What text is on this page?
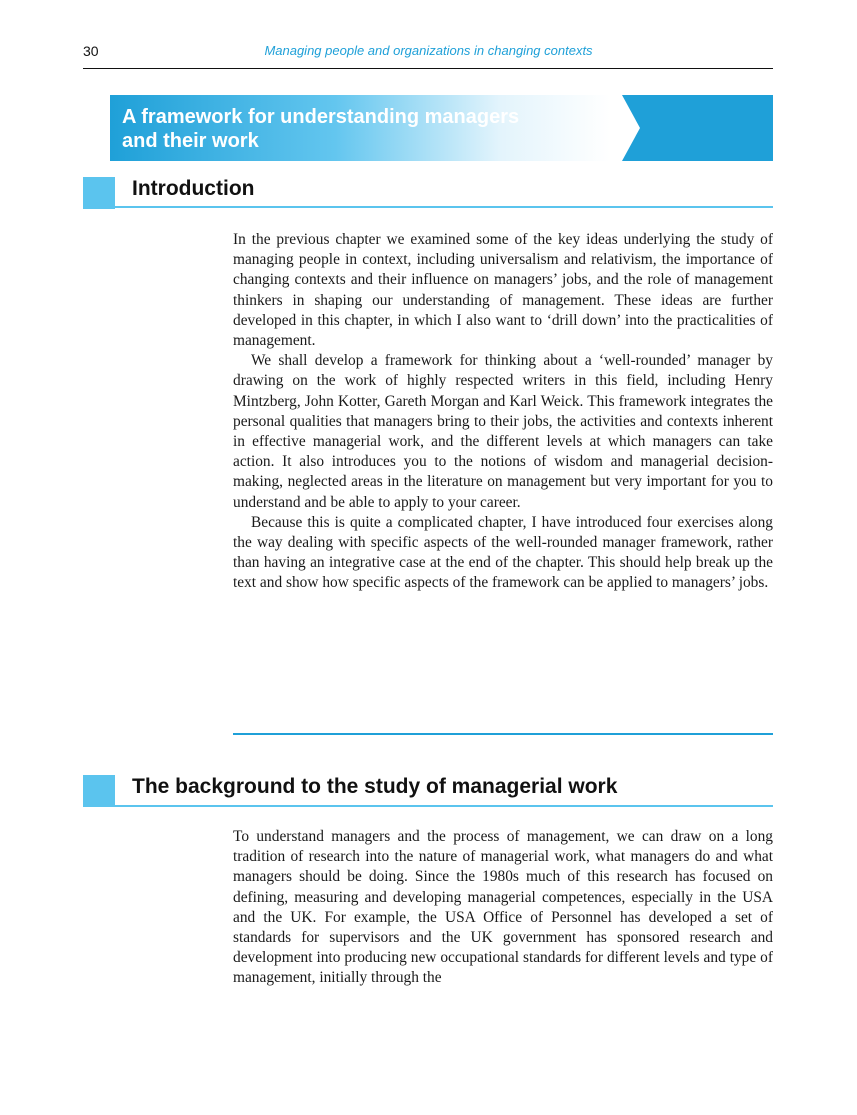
30	Managing people and organizations in changing contexts
A framework for understanding managers
and their work
Introduction

In the previous chapter we examined some of the key ideas underlying the study of managing people in context, including universalism and relativism, the importance of changing contexts and their influence on managers’ jobs, and the role of management thinkers in shaping our understanding of management. These ideas are further developed in this chapter, in which I also want to ‘drill down’ into the practicalities of management.

We shall develop a framework for thinking about a ‘well-rounded’ manager by drawing on the work of highly respected writers in this field, including Henry Mintzberg, John Kotter, Gareth Morgan and Karl Weick. This framework integrates the personal qualities that managers bring to their jobs, the activities and contexts inherent in effective managerial work, and the different levels at which managers can take action. It also introduces you to the notions of wisdom and managerial decision-making, neglected areas in the literature on management but very important for you to understand and be able to apply to your career.

Because this is quite a complicated chapter, I have introduced four exercises along the way dealing with specific aspects of the well-rounded manager framework, rather than having an integrative case at the end of the chapter. This should help break up the text and show how specific aspects of the framework can be applied to managers’ jobs.

The background to the study of managerial work

To understand managers and the process of management, we can draw on a long tradition of research into the nature of managerial work, what managers do and what managers should be doing. Since the 1980s much of this research has focused on defining, measuring and developing managerial competences, especially in the USA and the UK. For example, the USA Office of Personnel has developed a set of standards for supervisors and the UK government has sponsored research and development into producing new occupational standards for different levels and type of management, initially through the
